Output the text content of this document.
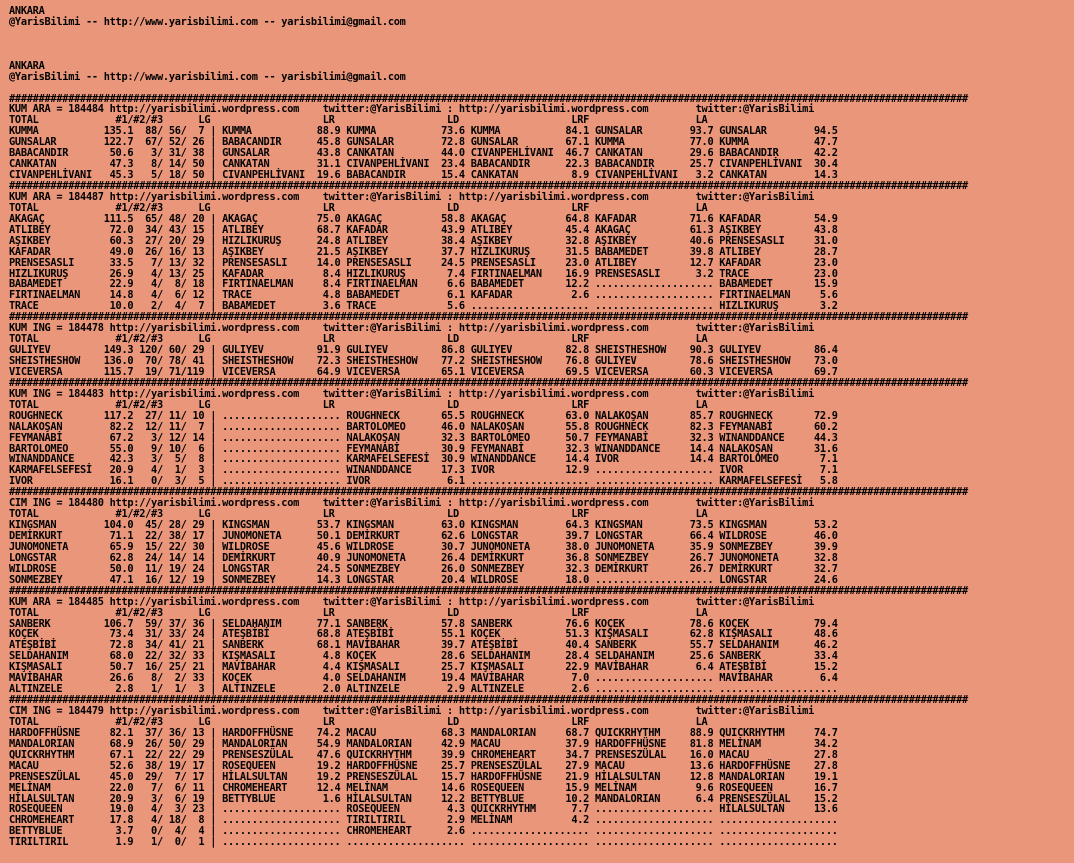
ANKARA
@YarisBilimi -- http://www.yarisbilimi.com -- yarisbilimi@gmail.com
ANKARA
@YarisBilimi -- http://www.yarisbilimi.com -- yarisbilimi@gmail.com
##################################################################################################################################################################
KUM ARA = 184484 http://yarisbilimi.wordpress.com    twitter:@YarisBilimi : http://yarisbilimi.wordpress.com        twitter:@YarisBilimi
TOTAL             #1/#2/#3      LG                   LR                   LD                   LRF                  LA
KUMMA           135.1  88/ 56/  7 | KUMMA           88.9 KUMMA           73.6 KUMMA           84.1 GUNSALAR        93.7 GUNSALAR        94.5
GUNSALAR        122.7  67/ 52/ 26 | BABACANDIR      45.8 GUNSALAR        72.8 GUNSALAR        67.1 KUMMA           77.0 KUMMA           47.7
BABACANDIR       50.6   3/ 31/ 38 | GUNSALAR        43.8 CANKATAN        44.0 CIVANPEHLİVANI  46.7 CANKATAN        29.6 BABACANDIR      42.2
CANKATAN         47.3   8/ 14/ 50 | CANKATAN        31.1 CIVANPEHLİVANI  23.4 BABACANDIR      22.3 BABACANDIR      25.7 CIVANPEHLİVANI  30.4
CIVANPEHLİVANI   45.3   5/ 18/ 50 | CIVANPEHLİVANI  19.6 BABACANDIR      15.4 CANKATAN         8.9 CIVANPEHLİVANI   3.2 CANKATAN        14.3
##################################################################################################################################################################
KUM ARA = 184487 http://yarisbilimi.wordpress.com    twitter:@YarisBilimi : http://yarisbilimi.wordpress.com        twitter:@YarisBilimi
TOTAL             #1/#2/#3      LG                   LR                   LD                   LRF                  LA
AKAGAÇ          111.5  65/ 48/ 20 | AKAGAÇ          75.0 AKAGAÇ          58.8 AKAGAÇ          64.8 KAFADAR         71.6 KAFADAR         54.9
ATLIBEY          72.0  34/ 43/ 15 | ATLIBEY         68.7 KAFADAR         43.9 ATLIBEY         45.4 AKAGAÇ          61.3 AŞIKBEY         43.8
AŞIKBEY          60.3  27/ 20/ 29 | HIZLIKURUŞ      24.8 ATLIBEY         38.4 AŞIKBEY         32.8 AŞIKBEY         40.6 PRENSESASLI     31.0
KAFADAR          49.0  26/ 16/ 13 | AŞIKBEY         21.5 AŞIKBEY         37.7 HIZLIKURUŞ      31.5 BABAMEDET       39.8 ATLIBEY         28.7
PRENSESASLI      33.5   7/ 13/ 32 | PRENSESASLI     14.0 PRENSESASLI     24.5 PRENSESASLI     23.0 ATLIBEY         12.7 KAFADAR         23.0
HIZLIKURUŞ       26.9   4/ 13/ 25 | KAFADAR          8.4 HIZLIKURUŞ       7.4 FIRTINAELMAN    16.9 PRENSESASLI      3.2 TRACE           23.0
BABAMEDET        22.9   4/  8/ 18 | FIRTINAELMAN     8.4 FIRTINAELMAN     6.6 BABAMEDET       12.2 .................... BABAMEDET       15.9
FIRTINAELMAN     14.8   4/  6/ 12 | TRACE            4.8 BABAMEDET        6.1 KAFADAR          2.6 .................... FIRTINAELMAN     5.6
TRACE            10.0   2/  4/  7 | BABAMEDET        3.6 TRACE            5.6 .................... .................... HIZLIKURUŞ       3.2
##################################################################################################################################################################
KUM ING = 184478 http://yarisbilimi.wordpress.com    twitter:@YarisBilimi : http://yarisbilimi.wordpress.com        twitter:@YarisBilimi
TOTAL             #1/#2/#3      LG                   LR                   LD                   LRF                  LA
GULIYEV         149.3 120/ 60/ 29 | GULIYEV         91.9 GULIYEV         86.8 GULIYEV         82.8 SHEISTHESHOW    90.3 GULIYEV         86.4
SHEISTHESHOW    136.0  70/ 78/ 41 | SHEISTHESHOW    72.3 SHEISTHESHOW    77.2 SHEISTHESHOW    76.8 GULIYEV         78.6 SHEISTHESHOW    73.0
VICEVERSA       115.7  19/ 71/119 | VICEVERSA       64.9 VICEVERSA       65.1 VICEVERSA       69.5 VICEVERSA       60.3 VICEVERSA       69.7
##################################################################################################################################################################
KUM ING = 184483 http://yarisbilimi.wordpress.com    twitter:@YarisBilimi : http://yarisbilimi.wordpress.com        twitter:@YarisBilimi
TOTAL             #1/#2/#3      LG                   LR                   LD                   LRF                  LA
ROUGHNECK       117.2  27/ 11/ 10 | .................... ROUGHNECK       65.5 ROUGHNECK       63.0 NALAKOŞAN       85.7 ROUGHNECK       72.9
NALAKOŞAN        82.2  12/ 11/  7 | .................... BARTOLOMEO      46.0 NALAKOŞAN       55.8 ROUGHNECK       82.3 FEYMANABİ       60.2
FEYMANABİ        67.2   3/ 12/ 14 | .................... NALAKOŞAN       32.3 BARTOLOMEO      50.7 FEYMANABİ       32.3 WINANDDANCE     44.3
BARTOLOMEO       55.0   9/ 10/  6 | .................... FEYMANABİ       30.9 FEYMANABİ       32.3 WINANDDANCE     14.4 NALAKOŞAN       31.6
WINANDDANCE      42.3   3/  5/  8 | .................... KARMAFELSEFESİ  30.9 WINANDDANCE     14.4 IVOR            14.4 BARTOLOMEO       7.1
KARMAFELSEFESİ   20.9   4/  1/  3 | .................... WINANDDANCE     17.3 IVOR            12.9 .................... IVOR             7.1
IVOR             16.1   0/  3/  5 | .................... IVOR             6.1 .................... .................... KARMAFELSEFESİ   5.8
##################################################################################################################################################################
CIM ING = 184480 http://yarisbilimi.wordpress.com    twitter:@YarisBilimi : http://yarisbilimi.wordpress.com        twitter:@YarisBilimi
TOTAL             #1/#2/#3      LG                   LR                   LD                   LRF                  LA
KINGSMAN        104.0  45/ 28/ 29 | KINGSMAN        53.7 KINGSMAN        63.0 KINGSMAN        64.3 KINGSMAN        73.5 KINGSMAN        53.2
DEMİRKURT        71.1  22/ 38/ 17 | JUNOMONETA      50.1 DEMİRKURT       62.6 LONGSTAR        39.7 LONGSTAR        66.4 WILDROSE        46.0
JUNOMONETA       65.9  15/ 22/ 30 | WILDROSE        45.6 WILDROSE        30.7 JUNOMONETA      38.0 JUNOMONETA      35.9 SONMEZBEY       39.9
LONGSTAR         62.8  24/ 14/ 14 | DEMİRKURT       40.9 JUNOMONETA      26.4 DEMİRKURT       36.8 SONMEZBEY       26.7 JUNOMONETA      32.8
WILDROSE         50.0  11/ 19/ 24 | LONGSTAR        24.5 SONMEZBEY       26.0 SONMEZBEY       32.3 DEMİRKURT       26.7 DEMİRKURT       32.7
SONMEZBEY        47.1  16/ 12/ 19 | SONMEZBEY       14.3 LONGSTAR        20.4 WILDROSE        18.0 .................... LONGSTAR        24.6
##################################################################################################################################################################
KUM ARA = 184485 http://yarisbilimi.wordpress.com    twitter:@YarisBilimi : http://yarisbilimi.wordpress.com        twitter:@YarisBilimi
TOTAL             #1/#2/#3      LG                   LR                   LD                   LRF                  LA
SANBERK         106.7  59/ 37/ 36 | SELDAHANIM      77.1 SANBERK         57.8 SANBERK         76.6 KOÇEK           78.6 KOÇEK           79.4
KOÇEK            73.4  31/ 33/ 24 | ATEŞBİBİ        68.8 ATEŞBİBİ        55.1 KOÇEK           51.3 KIŞMASALI       62.8 KIŞMASALI       48.6
ATEŞBİBİ         72.8  34/ 41/ 21 | SANBERK         68.1 MAVİBAHAR       39.7 ATEŞBİBİ        40.4 SANBERK         55.7 SELDAHANIM      46.2
SELDAHANIM       68.0  22/ 32/ 33 | KIŞMASALI        4.8 KOÇEK           28.6 SELDAHANIM      28.4 SELDAHANIM      25.6 SANBERK         33.4
KIŞMASALI        50.7  16/ 25/ 21 | MAVİBAHAR        4.4 KIŞMASALI       25.7 KIŞMASALI       22.9 MAVİBAHAR        6.4 ATEŞBİBİ        15.2
MAVİBAHAR        26.6   8/  2/ 33 | KOÇEK            4.0 SELDAHANIM      19.4 MAVİBAHAR        7.0 .................... MAVİBAHAR        6.4
ALTINZELE         2.8   1/  1/  3 | ALTINZELE        2.0 ALTINZELE        2.9 ALTINZELE        2.6 .................... ....................
##################################################################################################################################################################
CIM ING = 184479 http://yarisbilimi.wordpress.com    twitter:@YarisBilimi : http://yarisbilimi.wordpress.com        twitter:@YarisBilimi
TOTAL             #1/#2/#3      LG                   LR                   LD                   LRF                  LA
HARDOFFHÜSNE     82.1  37/ 36/ 13 | HARDOFFHÜSNE    74.2 MACAU           68.3 MANDALORIAN     68.7 QUICKRHYTHM     88.9 QUICKRHYTHM     74.7
MANDALORIAN      68.9  26/ 50/ 29 | MANDALORIAN     54.9 MANDALORIAN     42.9 MACAU           37.9 HARDOFFHÜSNE    81.8 MELİNAM         34.2
QUICKRHYTHM      67.1  22/ 22/ 29 | PRENSESZÜLAL    47.6 QUICKRHYTHM     39.9 CHROMEHEART     34.7 PRENSESZÜLAL    16.0 MACAU           27.8
MACAU            52.6  38/ 19/ 17 | ROSEQUEEN       19.2 HARDOFFHÜSNE    25.7 PRENSESZÜLAL    27.9 MACAU           13.6 HARDOFFHÜSNE    27.8
PRENSESZÜLAL     45.0  29/  7/ 17 | HİLALSULTAN     19.2 PRENSESZÜLAL    15.7 HARDOFFHÜSNE    21.9 HİLALSULTAN     12.8 MANDALORIAN     19.1
MELİNAM          22.0   7/  6/ 11 | CHROMEHEART     12.4 MELİNAM         14.6 ROSEQUEEN       15.9 MELİNAM          9.6 ROSEQUEEN       16.7
HİLALSULTAN      20.9   3/  6/ 19 | BETTYBLUE        1.6 HİLALSULTAN     12.2 BETTYBLUE       10.2 MANDALORIAN      6.4 PRENSESZÜLAL    15.2
ROSEQUEEN        19.0   4/  3/ 23 | .................... ROSEQUEEN        4.3 QUICKRHYTHM      7.7 .................... HİLALSULTAN     13.6
CHROMEHEART      17.8   4/ 18/  8 | .................... TIRILTIRIL       2.9 MELİNAM          4.2 .................... ....................
BETTYBLUE         3.7   0/  4/  4 | .................... CHROMEHEART      2.6 .................... .................... ....................
TIRILTIRIL        1.9   1/  0/  1 | .................... .................... .................... .................... ....................
